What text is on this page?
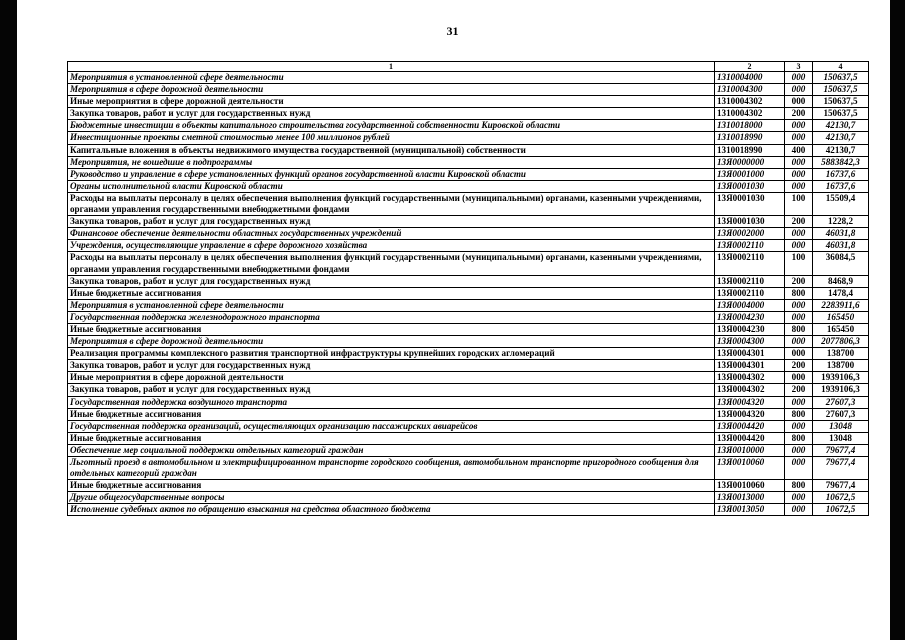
31
1	2	3	4
Мероприятия в установленной сфере деятельности	1310004000	000	150637,5
Мероприятия в сфере дорожной деятельности	1310004300	000	150637,5
Иные мероприятия в сфере дорожной деятельности	1310004302	000	150637,5
Закупка товаров, работ и услуг для государственных нужд	1310004302	200	150637,5
Бюджетные инвестиции в объекты капитального строительства государственной собственности Кировской области	1310018000	000	42130,7
Инвестиционные проекты сметной стоимостью менее 100 миллионов рублей	1310018990	000	42130,7
Капитальные вложения в объекты недвижимого имущества государственной (муниципальной) собственности	1310018990	400	42130,7
Мероприятия, не вошедшие в подпрограммы	13Я0000000	000	5883842,3
Руководство и управление в сфере установленных функций органов государственной власти Кировской области	13Я0001000	000	16737,6
Органы исполнительной власти Кировской области	13Я0001030	000	16737,6
Расходы на выплаты персоналу в целях обеспечения выполнения функций государственными (муниципальными) органами, казенными учреждениями, органами управления государственными внебюджетными фондами	13Я0001030	100	15509,4
Закупка товаров, работ и услуг для государственных нужд	13Я0001030	200	1228,2
Финансовое обеспечение деятельности областных государственных учреждений	13Я0002000	000	46031,8
Учреждения, осуществляющие управление в сфере дорожного хозяйства	13Я0002110	000	46031,8
Расходы на выплаты персоналу в целях обеспечения выполнения функций государственными (муниципальными) органами, казенными учреждениями, органами управления государственными внебюджетными фондами	13Я0002110	100	36084,5
Закупка товаров, работ и услуг для государственных нужд	13Я0002110	200	8468,9
Иные бюджетные ассигнования	13Я0002110	800	1478,4
Мероприятия в установленной сфере деятельности	13Я0004000	000	2283911,6
Государственная поддержка железнодорожного транспорта	13Я0004230	000	165450
Иные бюджетные ассигнования	13Я0004230	800	165450
Мероприятия в сфере дорожной деятельности	13Я0004300	000	2077806,3
Реализация программы комплексного развития транспортной инфраструктуры крупнейших городских агломераций	13Я0004301	000	138700
Закупка товаров, работ и услуг для государственных нужд	13Я0004301	200	138700
Иные мероприятия в сфере дорожной деятельности	13Я0004302	000	1939106,3
Закупка товаров, работ и услуг для государственных нужд	13Я0004302	200	1939106,3
Государственная поддержка воздушного транспорта	13Я0004320	000	27607,3
Иные бюджетные ассигнования	13Я0004320	800	27607,3
Государственная поддержка организаций, осуществляющих организацию пассажирских авиарейсов	13Я0004420	000	13048
Иные бюджетные ассигнования	13Я0004420	800	13048
Обеспечение мер социальной поддержки отдельных категорий граждан	13Я0010000	000	79677,4
Льготный проезд в автомобильном и электрифицированном транспорте городского сообщения, автомобильном транспорте пригородного сообщения для отдельных категорий граждан	13Я0010060	000	79677,4
Иные бюджетные ассигнования	13Я0010060	800	79677,4
Другие общегосударственные вопросы	13Я0013000	000	10672,5
Исполнение судебных актов по обращению взыскания на средства областного бюджета	13Я0013050	000	10672,5
